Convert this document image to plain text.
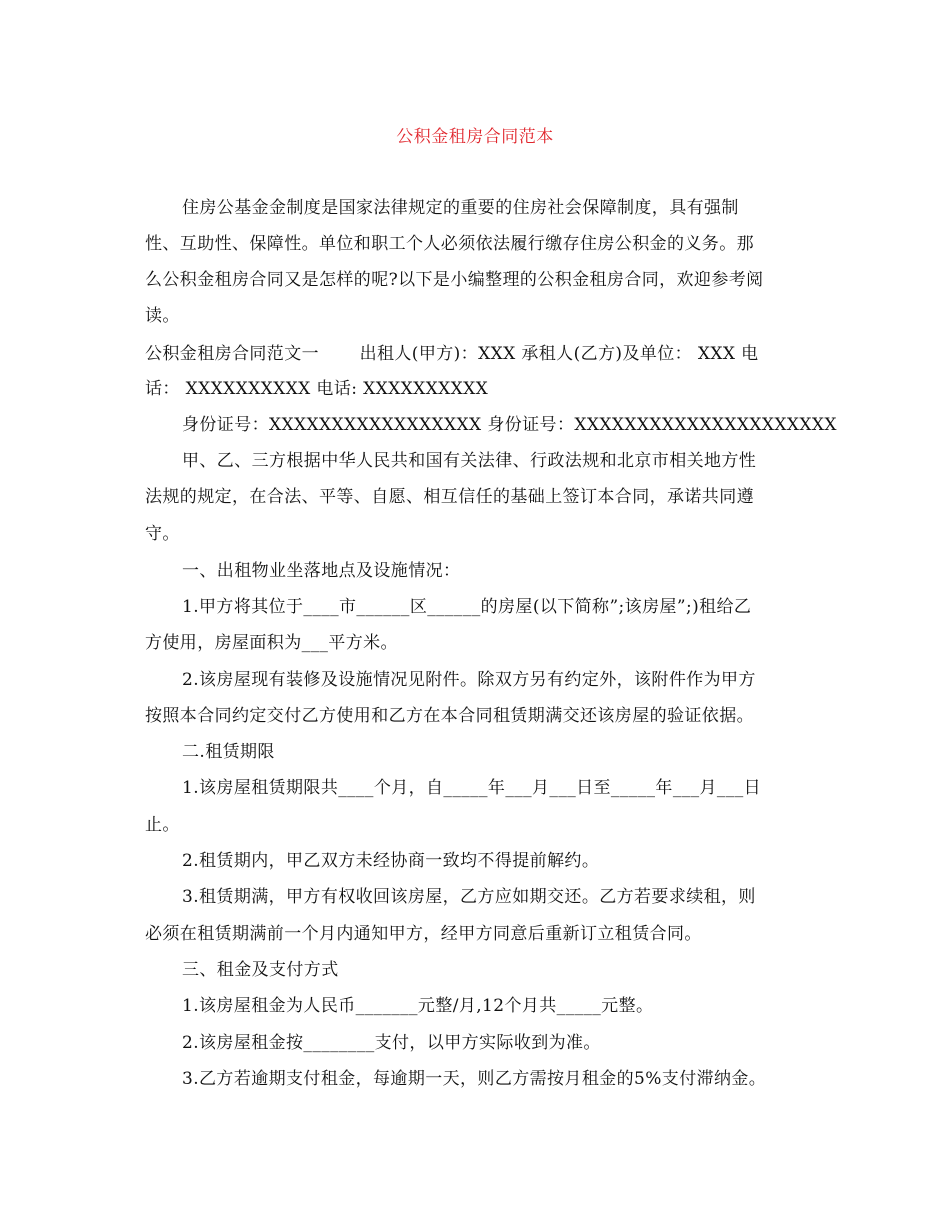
公积金租房合同范本
住房公基金金制度是国家法律规定的重要的住房社会保障制度，具有强制
性、互助性、保障性。单位和职工个人必须依法履行缴存住房公积金的义务。那
么公积金租房合同又是怎样的呢?以下是小编整理的公积金租房合同，欢迎参考阅
读。
公积金租房合同范文一　　 出租人(甲方)：XXX 承租人(乙方)及单位： XXX 电
话： XXXXXXXXXX 电话: XXXXXXXXXX
身份证号：XXXXXXXXXXXXXXXXX 身份证号：XXXXXXXXXXXXXXXXXXXXX
甲、乙、三方根据中华人民共和国有关法律、行政法规和北京市相关地方性
法规的规定，在合法、平等、自愿、相互信任的基础上签订本合同，承诺共同遵
守。
一、出租物业坐落地点及设施情况：
1.甲方将其位于____市______区______的房屋(以下简称”;该房屋”;)租给乙
方使用，房屋面积为___平方米。
2.该房屋现有装修及设施情况见附件。除双方另有约定外，该附件作为甲方
按照本合同约定交付乙方使用和乙方在本合同租赁期满交还该房屋的验证依据。
二.租赁期限
1.该房屋租赁期限共____个月，自_____年___月___日至_____年___月___日
止。
2.租赁期内，甲乙双方未经协商一致均不得提前解约。
3.租赁期满，甲方有权收回该房屋，乙方应如期交还。乙方若要求续租，则
必须在租赁期满前一个月内通知甲方，经甲方同意后重新订立租赁合同。
三、租金及支付方式
1.该房屋租金为人民币_______元整/月,12个月共_____元整。
2.该房屋租金按________支付，以甲方实际收到为准。
3.乙方若逾期支付租金，每逾期一天，则乙方需按月租金的5%支付滞纳金。
